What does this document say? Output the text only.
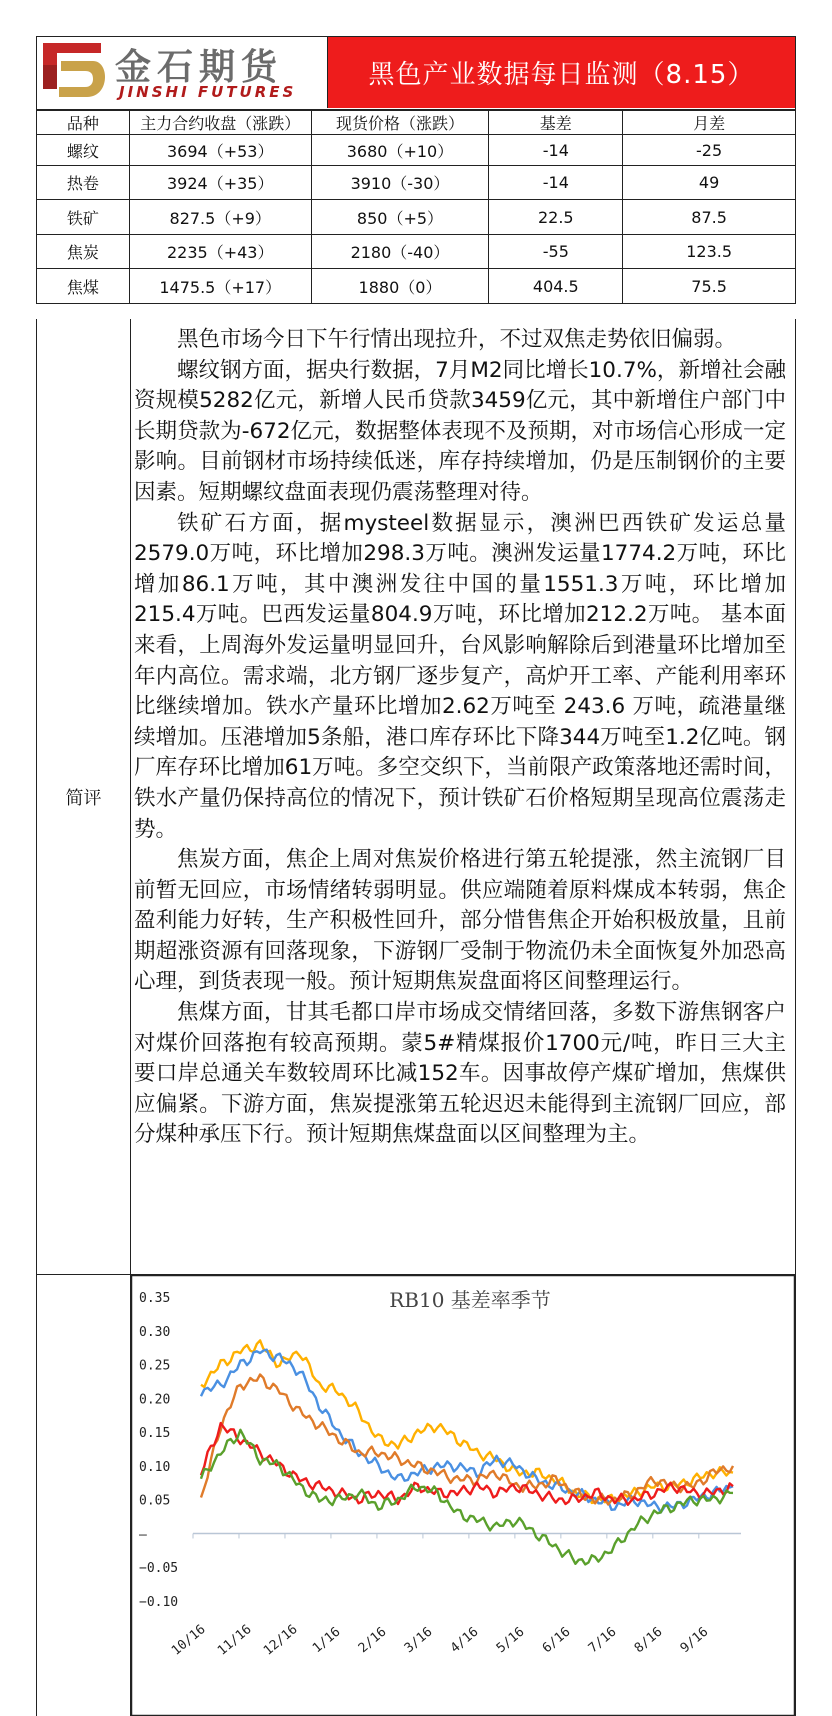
金石期货
JINSHI FUTURES
黑色产业数据每日监测（8.15）
品种	主力合约收盘（涨跌）	现货价格（涨跌）	基差	月差
螺纹	3694（+53）	3680（+10）	-14	-25
热卷	3924（+35）	3910（-30）	-14	49
铁矿	827.5（+9）	850（+5）	22.5	87.5
焦炭	2235（+43）	2180（-40）	-55	123.5
焦煤	1475.5（+17）	1880（0）	404.5	75.5
简评

黑色市场今日下午行情出现拉升，不过双焦走势依旧偏弱。

螺纹钢方面，据央行数据，7月M2同比增长10.7%，新增社会融资规模5282亿元，新增人民币贷款3459亿元，其中新增住户部门中长期贷款为-672亿元，数据整体表现不及预期，对市场信心形成一定影响。目前钢材市场持续低迷，库存持续增加，仍是压制钢价的主要因素。短期螺纹盘面表现仍震荡整理对待。

铁矿石方面，据mysteel数据显示，澳洲巴西铁矿发运总量2579.0万吨，环比增加298.3万吨。澳洲发运量1774.2万吨，环比增加86.1万吨，其中澳洲发往中国的量1551.3万吨，环比增加215.4万吨。巴西发运量804.9万吨，环比增加212.2万吨。 基本面来看，上周海外发运量明显回升，台风影响解除后到港量环比增加至年内高位。需求端，北方钢厂逐步复产，高炉开工率、产能利用率环比继续增加。铁水产量环比增加2.62万吨至 243.6 万吨，疏港量继续增加。压港增加5条船，港口库存环比下降344万吨至1.2亿吨。钢厂库存环比增加61万吨。多空交织下，当前限产政策落地还需时间，铁水产量仍保持高位的情况下，预计铁矿石价格短期呈现高位震荡走势。

焦炭方面，焦企上周对焦炭价格进行第五轮提涨，然主流钢厂目前暂无回应，市场情绪转弱明显。供应端随着原料煤成本转弱，焦企盈利能力好转，生产积极性回升，部分惜售焦企开始积极放量，且前期超涨资源有回落现象，下游钢厂受制于物流仍未全面恢复外加恐高心理，到货表现一般。预计短期焦炭盘面将区间整理运行。

焦煤方面，甘其毛都口岸市场成交情绪回落，多数下游焦钢客户对煤价回落抱有较高预期。蒙5#精煤报价1700元/吨，昨日三大主要口岸总通关车数较周环比减152车。因事故停产煤矿增加，焦煤供应偏紧。下游方面，焦炭提涨第五轮迟迟未能得到主流钢厂回应，部分煤种承压下行。预计短期焦煤盘面以区间整理为主。

RB10 基差率季节
0.35
0.30
0.25
0.20
0.15
0.10
0.05
–
−0.05
−0.10
10/16 11/16 12/16 1/16 2/16 3/16 4/16 5/16 6/16 7/16 8/16 9/16
